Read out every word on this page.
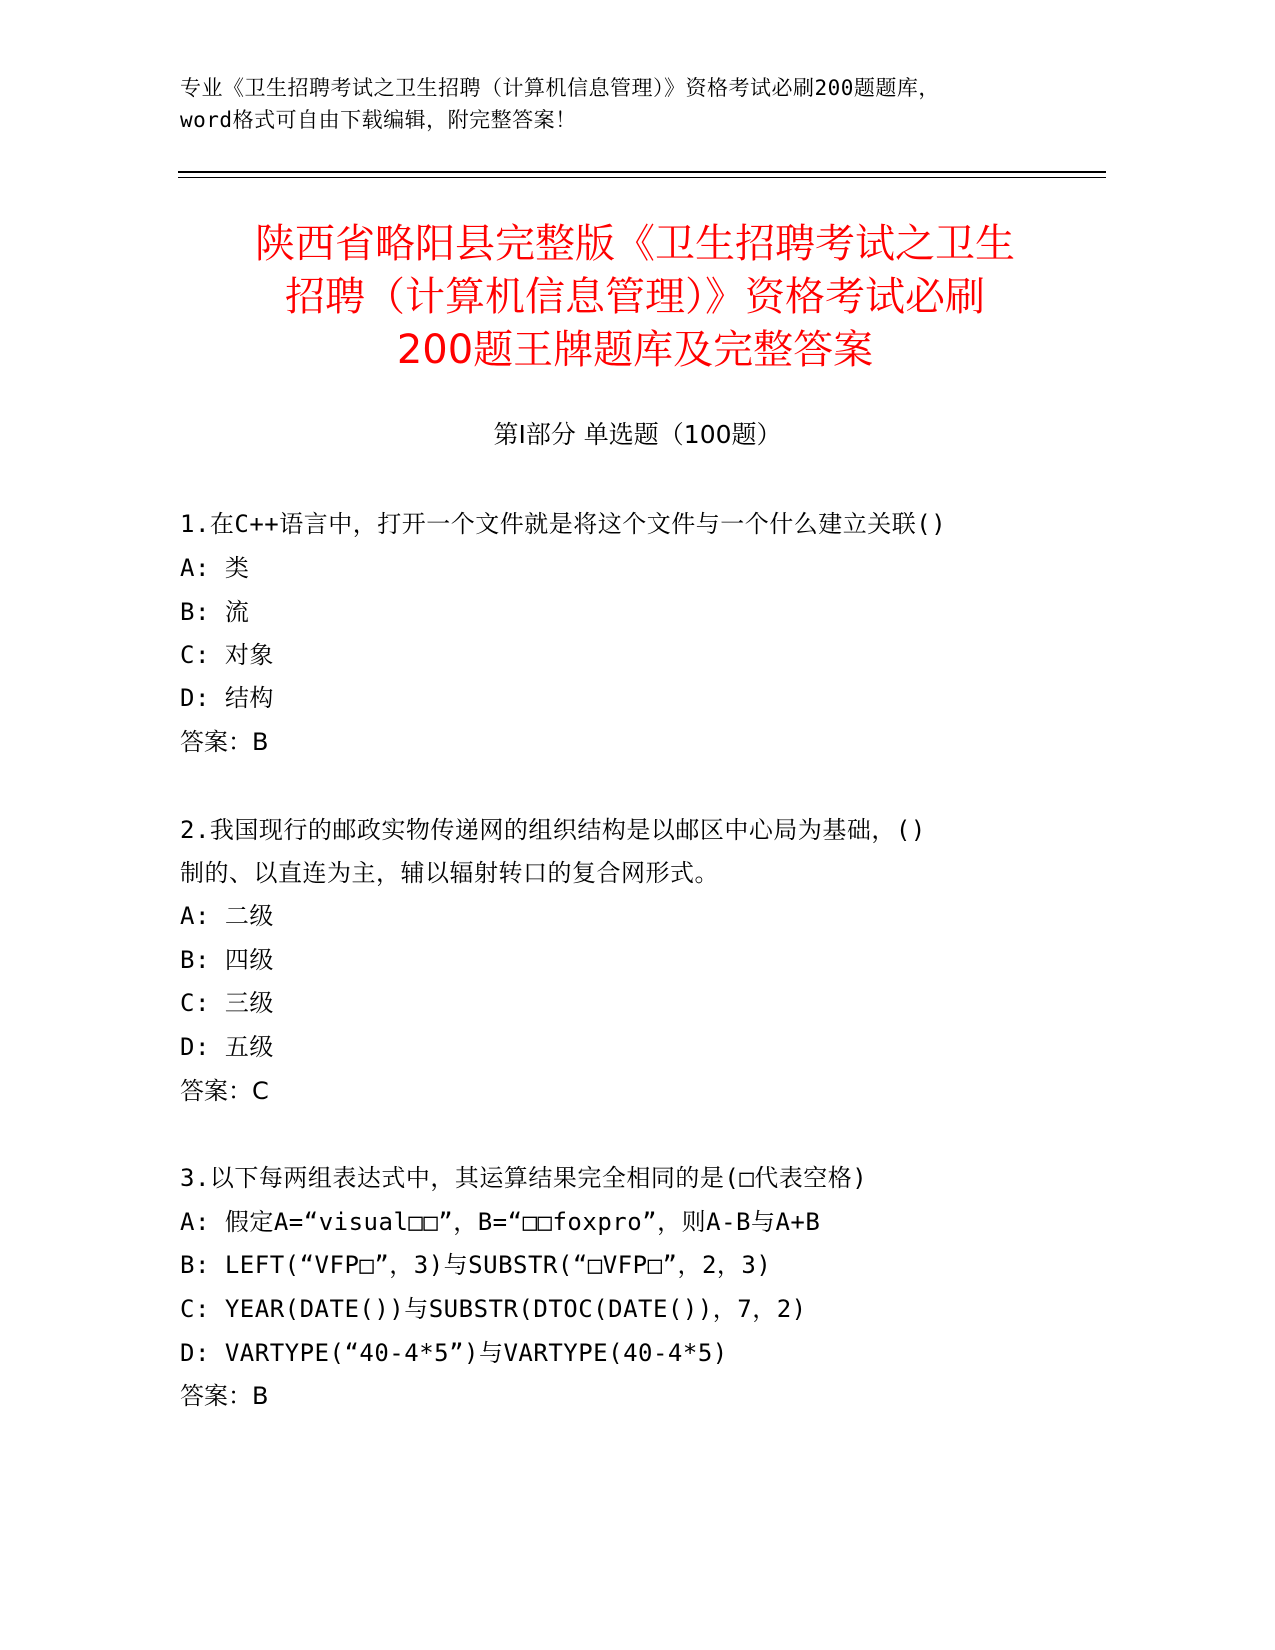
专业《卫生招聘考试之卫生招聘（计算机信息管理）》资格考试必刷200题题库，
word格式可自由下载编辑，附完整答案！
陕西省略阳县完整版《卫生招聘考试之卫生
招聘（计算机信息管理）》资格考试必刷
200题王牌题库及完整答案
第Ⅰ部分 单选题（100题）
1.在C++语言中，打开一个文件就是将这个文件与一个什么建立关联()
A: 类
B: 流
C: 对象
D: 结构
答案：B
2.我国现行的邮政实物传递网的组织结构是以邮区中心局为基础，()
制的、以直连为主，辅以辐射转口的复合网形式。
A: 二级
B: 四级
C: 三级
D: 五级
答案：C
3.以下每两组表达式中，其运算结果完全相同的是(□代表空格)
A: 假定A=“visual□□”，B=“□□foxpro”，则A-B与A+B
B: LEFT(“VFP□”，3)与SUBSTR(“□VFP□”，2，3)
C: YEAR(DATE())与SUBSTR(DTOC(DATE())，7，2)
D: VARTYPE(“40-4*5”)与VARTYPE(40-4*5)
答案：B
